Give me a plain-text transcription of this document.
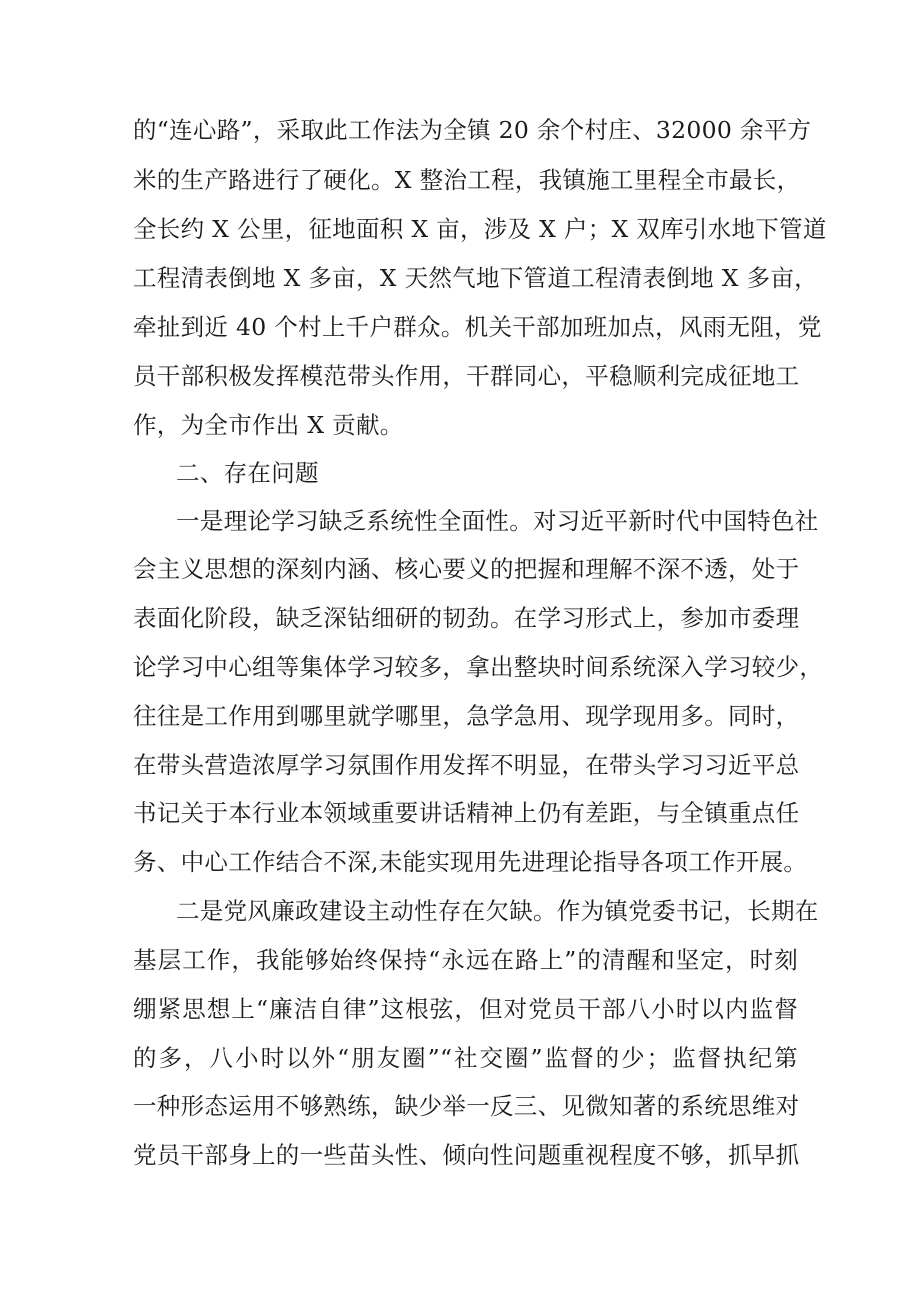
的“连心路”，采取此工作法为全镇 20 余个村庄、32000 余平方
米的生产路进行了硬化。X 整治工程，我镇施工里程全市最长，
全长约 X 公里，征地面积 X 亩，涉及 X 户；X 双库引水地下管道
工程清表倒地 X 多亩，X 天然气地下管道工程清表倒地 X 多亩，
牵扯到近 40 个村上千户群众。机关干部加班加点，风雨无阻，党
员干部积极发挥模范带头作用，干群同心，平稳顺利完成征地工
作，为全市作出 X 贡献。
二、存在问题
一是理论学习缺乏系统性全面性。对习近平新时代中国特色社
会主义思想的深刻内涵、核心要义的把握和理解不深不透，处于
表面化阶段，缺乏深钻细研的韧劲。在学习形式上，参加市委理
论学习中心组等集体学习较多，拿出整块时间系统深入学习较少，
往往是工作用到哪里就学哪里，急学急用、现学现用多。同时，
在带头营造浓厚学习氛围作用发挥不明显，在带头学习习近平总
书记关于本行业本领域重要讲话精神上仍有差距，与全镇重点任
务、中心工作结合不深,未能实现用先进理论指导各项工作开展。
二是党风廉政建设主动性存在欠缺。作为镇党委书记，长期在
基层工作，我能够始终保持“永远在路上”的清醒和坚定，时刻
绷紧思想上“廉洁自律”这根弦，但对党员干部八小时以内监督
的多，八小时以外“朋友圈”“社交圈”监督的少；监督执纪第
一种形态运用不够熟练，缺少举一反三、见微知著的系统思维对
党员干部身上的一些苗头性、倾向性问题重视程度不够，抓早抓
